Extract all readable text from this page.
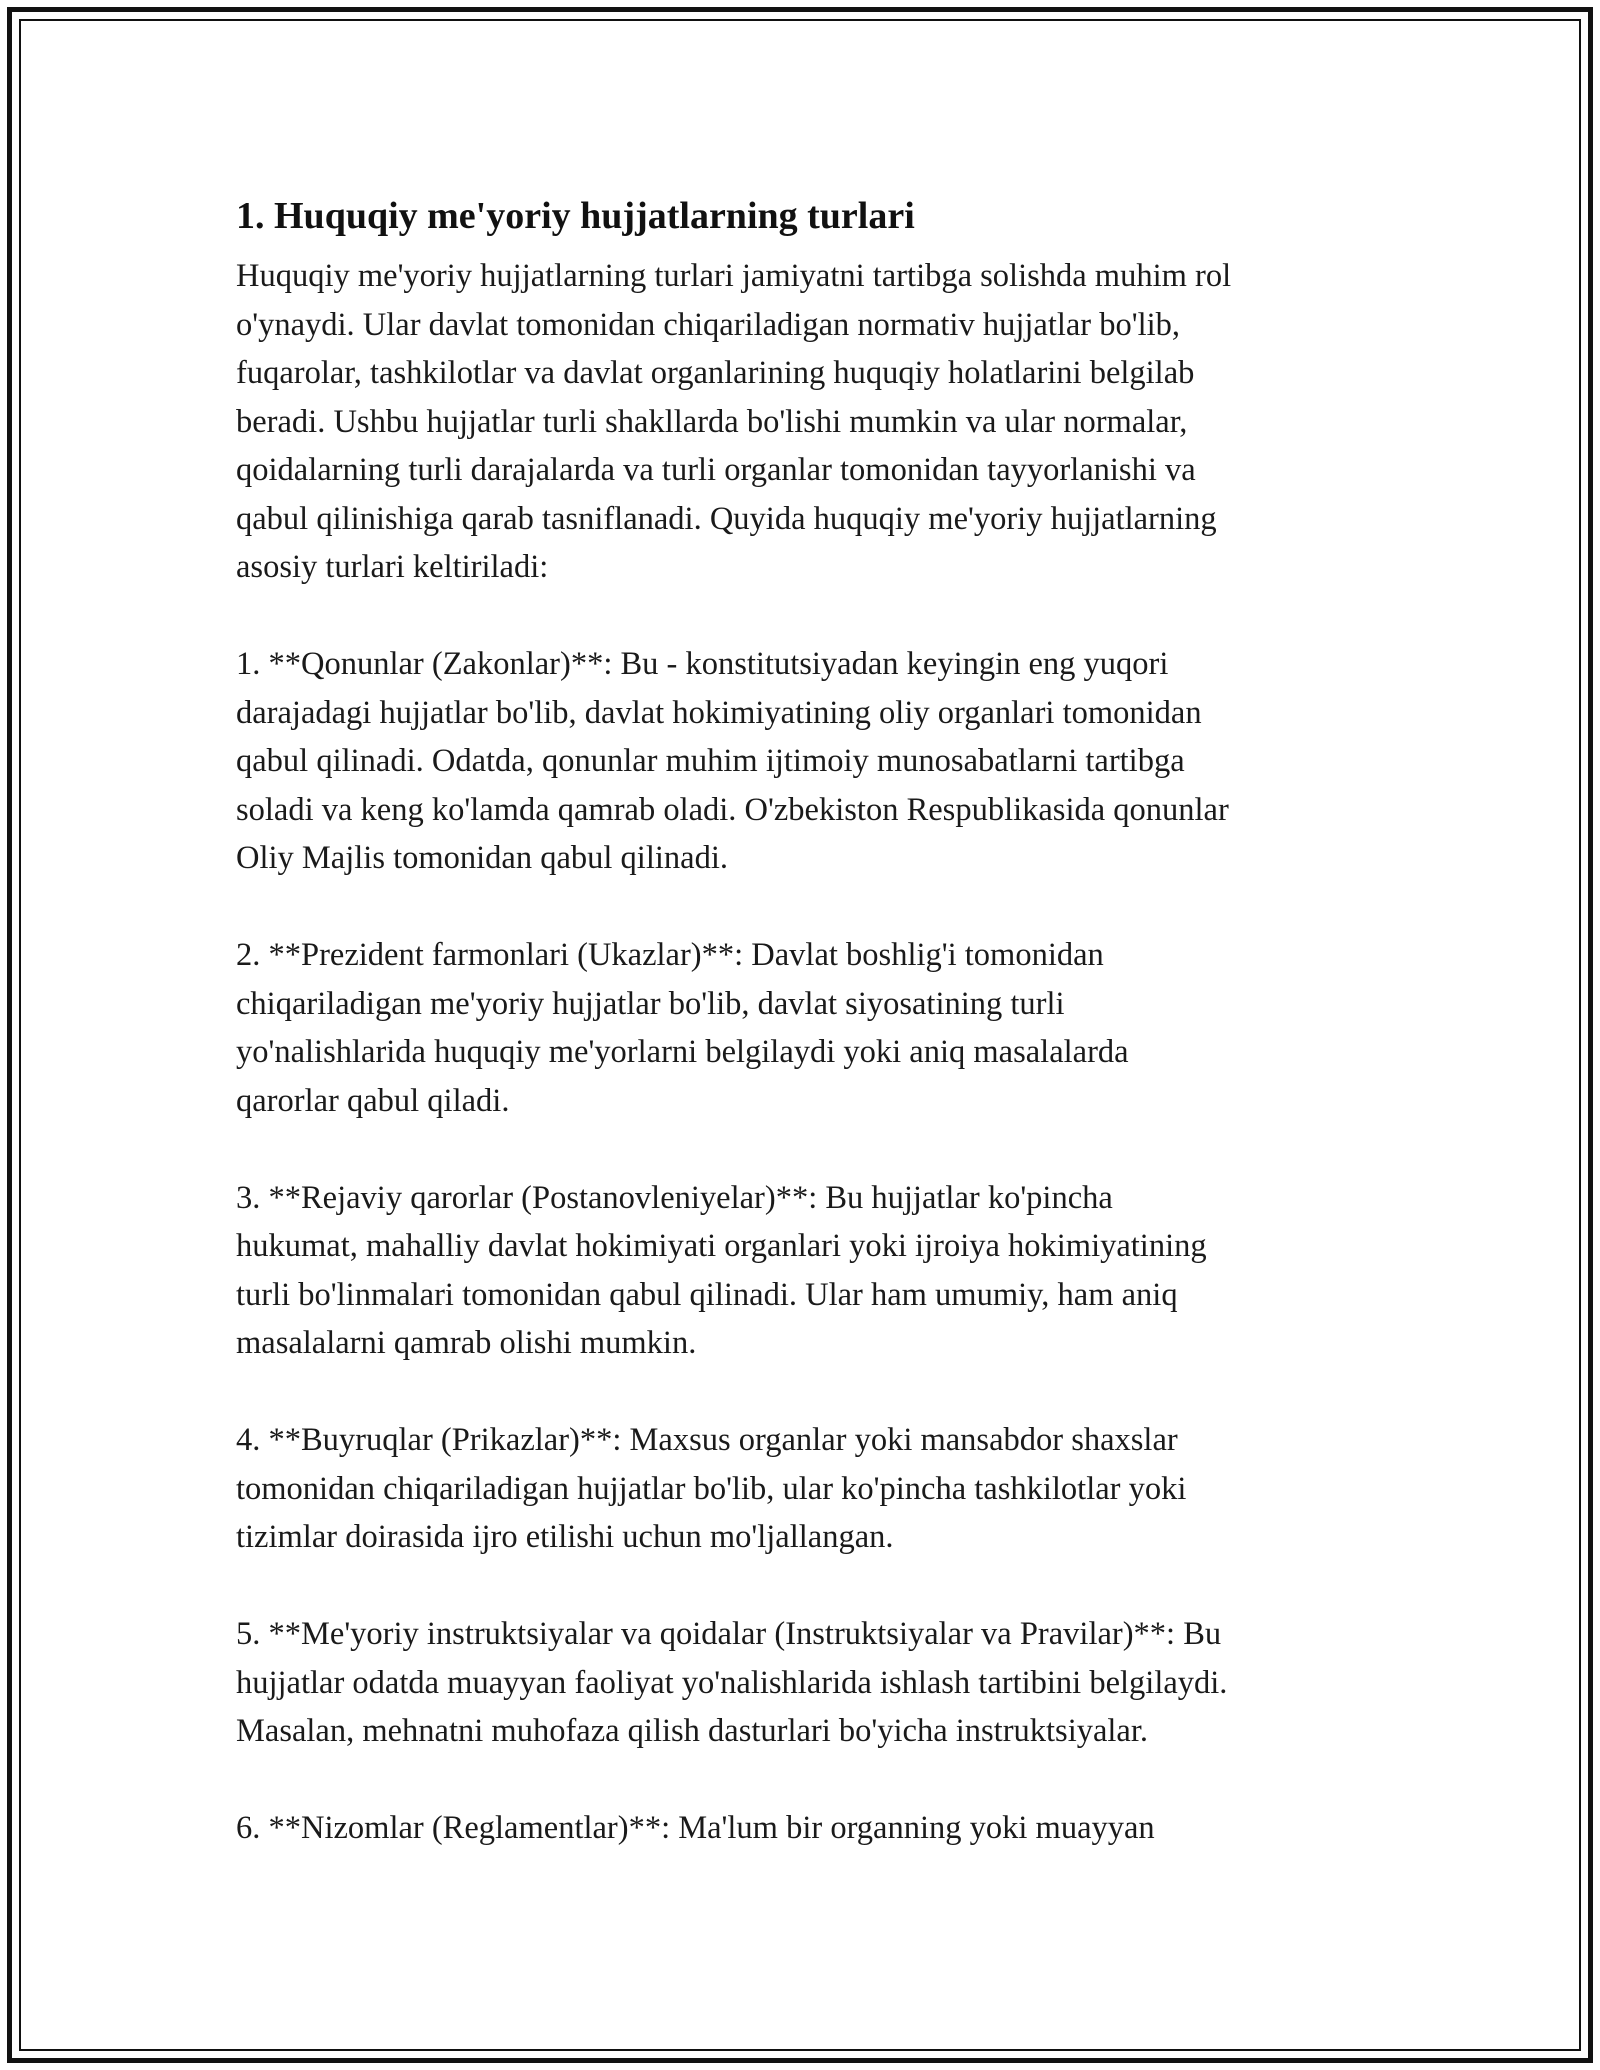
1. Huquqiy me'yoriy hujjatlarning turlari
Huquqiy me'yoriy hujjatlarning turlari jamiyatni tartibga solishda muhim rol
o'ynaydi. Ular davlat tomonidan chiqariladigan normativ hujjatlar bo'lib,
fuqarolar, tashkilotlar va davlat organlarining huquqiy holatlarini belgilab
beradi. Ushbu hujjatlar turli shakllarda bo'lishi mumkin va ular normalar,
qoidalarning turli darajalarda va turli organlar tomonidan tayyorlanishi va
qabul qilinishiga qarab tasniflanadi. Quyida huquqiy me'yoriy hujjatlarning
asosiy turlari keltiriladi:
1. **Qonunlar (Zakonlar)**: Bu - konstitutsiyadan keyingin eng yuqori
darajadagi hujjatlar bo'lib, davlat hokimiyatining oliy organlari tomonidan
qabul qilinadi. Odatda, qonunlar muhim ijtimoiy munosabatlarni tartibga
soladi va keng ko'lamda qamrab oladi. O'zbekiston Respublikasida qonunlar
Oliy Majlis tomonidan qabul qilinadi.
2. **Prezident farmonlari (Ukazlar)**: Davlat boshlig'i tomonidan
chiqariladigan me'yoriy hujjatlar bo'lib, davlat siyosatining turli
yo'nalishlarida huquqiy me'yorlarni belgilaydi yoki aniq masalalarda
qarorlar qabul qiladi.
3. **Rejaviy qarorlar (Postanovleniyelar)**: Bu hujjatlar ko'pincha
hukumat, mahalliy davlat hokimiyati organlari yoki ijroiya hokimiyatining
turli bo'linmalari tomonidan qabul qilinadi. Ular ham umumiy, ham aniq
masalalarni qamrab olishi mumkin.
4. **Buyruqlar (Prikazlar)**: Maxsus organlar yoki mansabdor shaxslar
tomonidan chiqariladigan hujjatlar bo'lib, ular ko'pincha tashkilotlar yoki
tizimlar doirasida ijro etilishi uchun mo'ljallangan.
5. **Me'yoriy instruktsiyalar va qoidalar (Instruktsiyalar va Pravilar)**: Bu
hujjatlar odatda muayyan faoliyat yo'nalishlarida ishlash tartibini belgilaydi.
Masalan, mehnatni muhofaza qilish dasturlari bo'yicha instruktsiyalar.
6. **Nizomlar (Reglamentlar)**: Ma'lum bir organning yoki muayyan
